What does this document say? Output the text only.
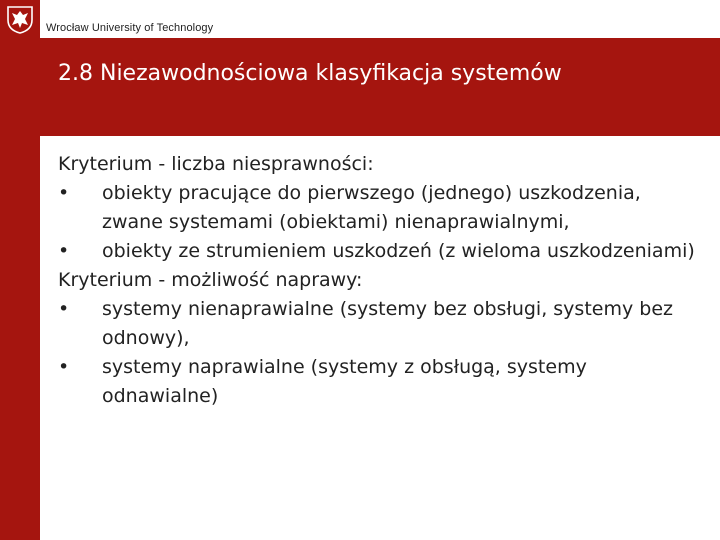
Wrocław University of Technology
2.8 Niezawodnościowa klasyfikacja systemów

Kryterium - liczba niesprawności:

• obiekty pracujące do pierwszego (jednego) uszkodzenia, zwane systemami (obiektami) nienaprawialnymi,
• obiekty ze strumieniem uszkodzeń (z wieloma uszkodzeniami)

Kryterium - możliwość naprawy:

• systemy nienaprawialne (systemy bez obsługi, systemy bez odnowy),
• systemy naprawialne (systemy z obsługą, systemy odnawialne)
